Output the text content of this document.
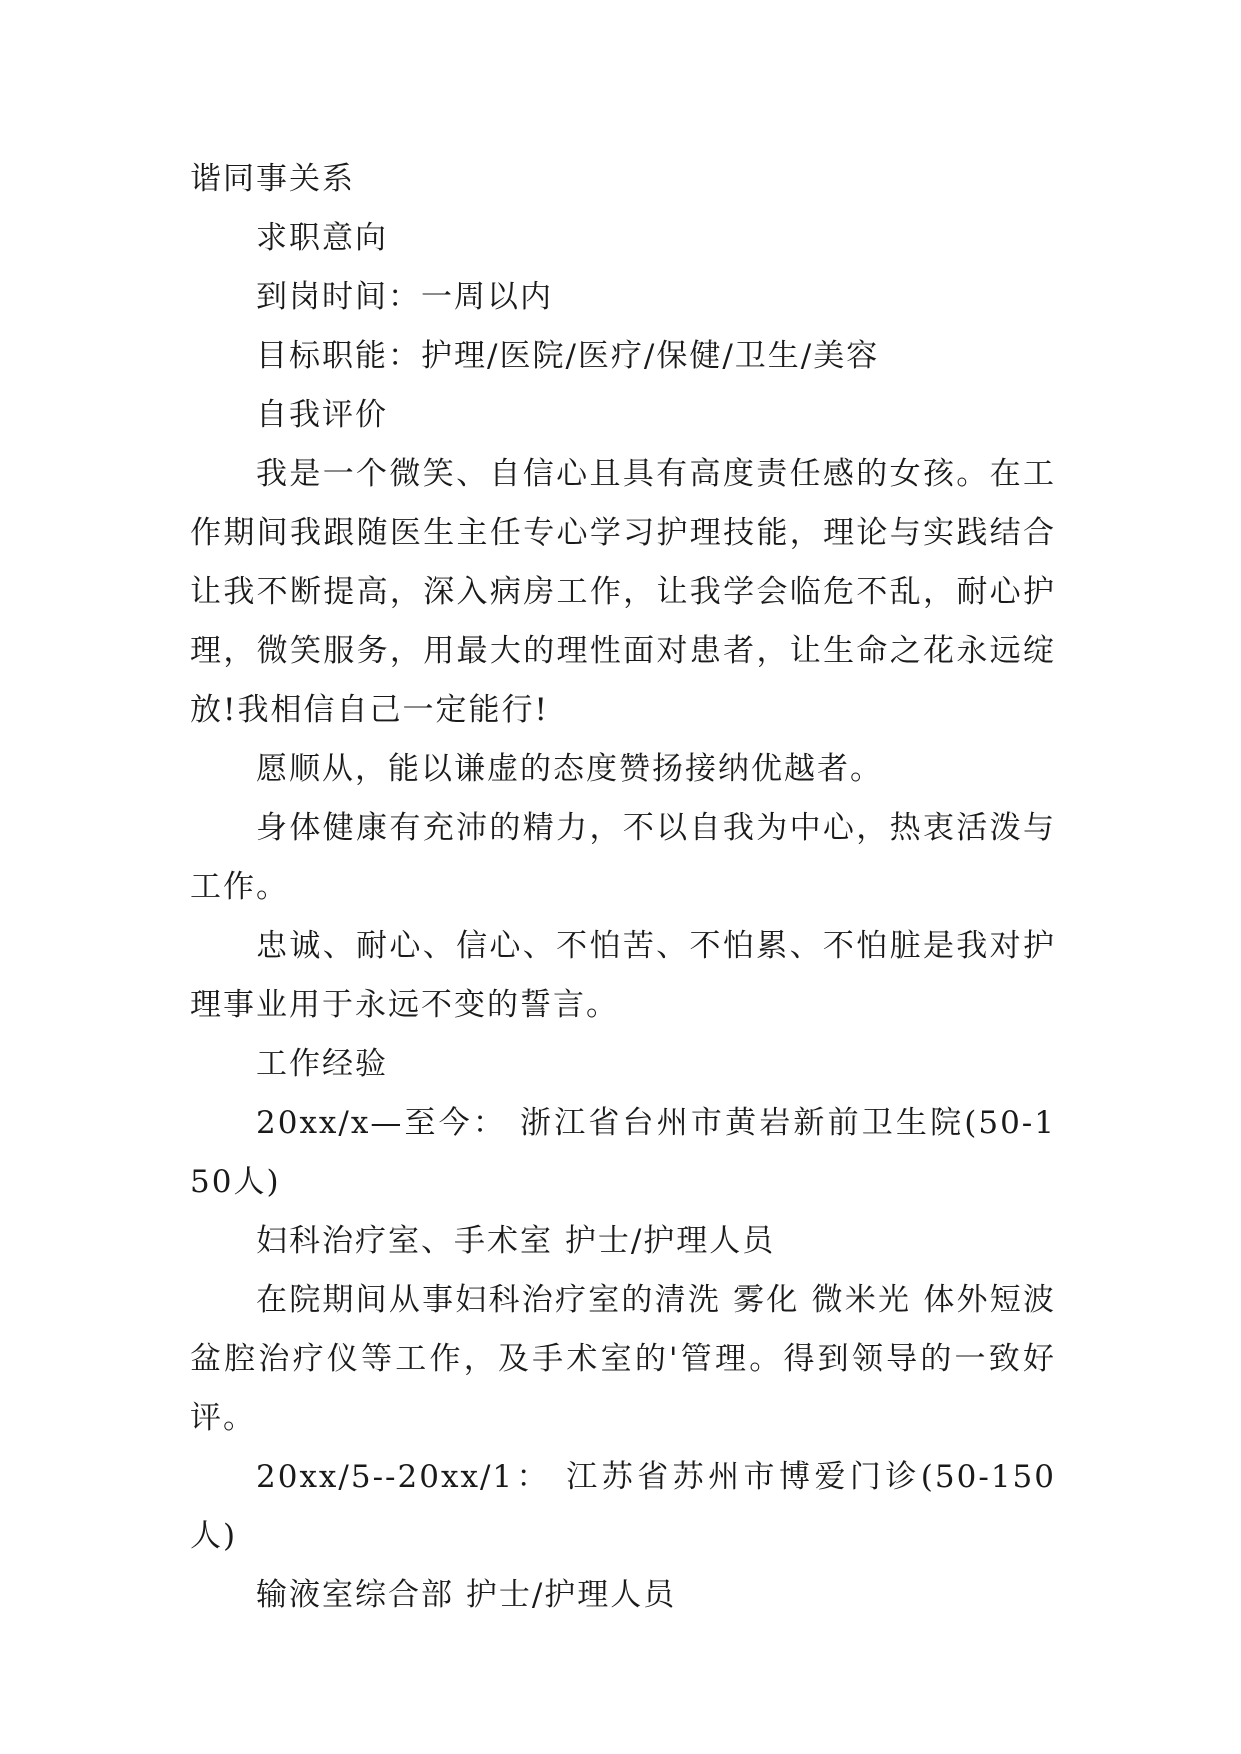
谐同事关系

求职意向

到岗时间：一周以内

目标职能：护理/医院/医疗/保健/卫生/美容

自我评价

我是一个微笑、自信心且具有高度责任感的女孩。在工作期间我跟随医生主任专心学习护理技能，理论与实践结合让我不断提高，深入病房工作，让我学会临危不乱，耐心护理，微笑服务，用最大的理性面对患者，让生命之花永远绽放!我相信自己一定能行!

愿顺从，能以谦虚的态度赞扬接纳优越者。

身体健康有充沛的精力，不以自我为中心，热衷活泼与工作。

忠诚、耐心、信心、不怕苦、不怕累、不怕脏是我对护理事业用于永远不变的誓言。

工作经验

20xx/x—至今： 浙江省台州市黄岩新前卫生院(50-150人)

妇科治疗室、手术室 护士/护理人员

在院期间从事妇科治疗室的清洗 雾化 微米光 体外短波 盆腔治疗仪等工作，及手术室的'管理。得到领导的一致好评。

20xx/5--20xx/1： 江苏省苏州市博爱门诊(50-150 人)

输液室综合部 护士/护理人员
